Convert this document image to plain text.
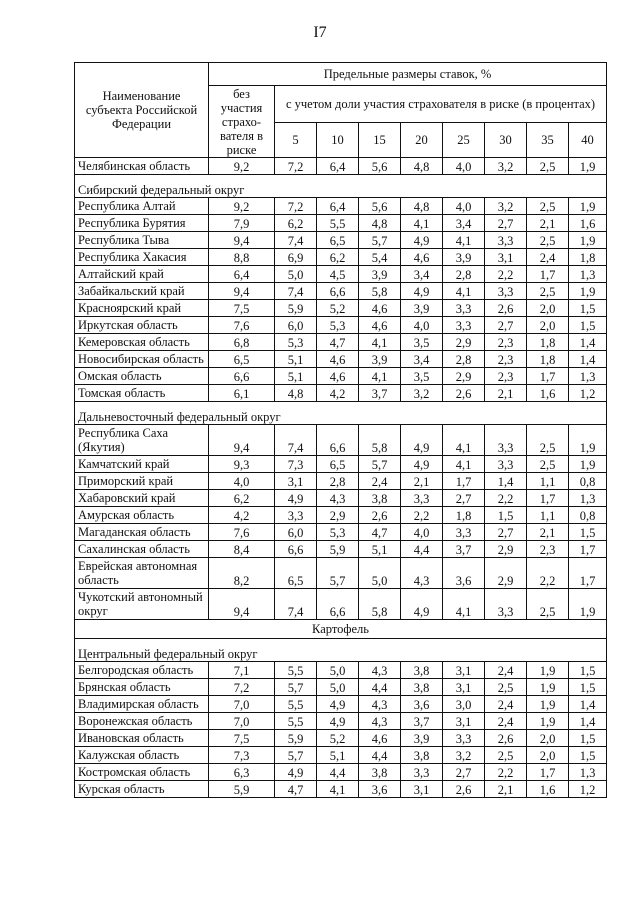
I7
Наименование субъекта Российской Федерации	Предельные размеры ставок, %								
	без участия страхо-вателя в риске	с учетом доли участия страхователя в риске (в процентах)							
		5	10	15	20	25	30	35	40
Челябинская область	9,2	7,2	6,4	5,6	4,8	4,0	3,2	2,5	1,9
Сибирский федеральный округ									
Республика Алтай	9,2	7,2	6,4	5,6	4,8	4,0	3,2	2,5	1,9
Республика Бурятия	7,9	6,2	5,5	4,8	4,1	3,4	2,7	2,1	1,6
Республика Тыва	9,4	7,4	6,5	5,7	4,9	4,1	3,3	2,5	1,9
Республика Хакасия	8,8	6,9	6,2	5,4	4,6	3,9	3,1	2,4	1,8
Алтайский край	6,4	5,0	4,5	3,9	3,4	2,8	2,2	1,7	1,3
Забайкальский край	9,4	7,4	6,6	5,8	4,9	4,1	3,3	2,5	1,9
Красноярский край	7,5	5,9	5,2	4,6	3,9	3,3	2,6	2,0	1,5
Иркутская область	7,6	6,0	5,3	4,6	4,0	3,3	2,7	2,0	1,5
Кемеровская область	6,8	5,3	4,7	4,1	3,5	2,9	2,3	1,8	1,4
Новосибирская область	6,5	5,1	4,6	3,9	3,4	2,8	2,3	1,8	1,4
Омская область	6,6	5,1	4,6	4,1	3,5	2,9	2,3	1,7	1,3
Томская область	6,1	4,8	4,2	3,7	3,2	2,6	2,1	1,6	1,2
Дальневосточный федеральный округ									
Республика Саха (Якутия)	9,4	7,4	6,6	5,8	4,9	4,1	3,3	2,5	1,9
Камчатский край	9,3	7,3	6,5	5,7	4,9	4,1	3,3	2,5	1,9
Приморский край	4,0	3,1	2,8	2,4	2,1	1,7	1,4	1,1	0,8
Хабаровский край	6,2	4,9	4,3	3,8	3,3	2,7	2,2	1,7	1,3
Амурская область	4,2	3,3	2,9	2,6	2,2	1,8	1,5	1,1	0,8
Магаданская область	7,6	6,0	5,3	4,7	4,0	3,3	2,7	2,1	1,5
Сахалинская область	8,4	6,6	5,9	5,1	4,4	3,7	2,9	2,3	1,7
Еврейская автономная область	8,2	6,5	5,7	5,0	4,3	3,6	2,9	2,2	1,7
Чукотский автономный округ	9,4	7,4	6,6	5,8	4,9	4,1	3,3	2,5	1,9
Картофель									
Центральный федеральный округ									
Белгородская область	7,1	5,5	5,0	4,3	3,8	3,1	2,4	1,9	1,5
Брянская область	7,2	5,7	5,0	4,4	3,8	3,1	2,5	1,9	1,5
Владимирская область	7,0	5,5	4,9	4,3	3,6	3,0	2,4	1,9	1,4
Воронежская область	7,0	5,5	4,9	4,3	3,7	3,1	2,4	1,9	1,4
Ивановская область	7,5	5,9	5,2	4,6	3,9	3,3	2,6	2,0	1,5
Калужская область	7,3	5,7	5,1	4,4	3,8	3,2	2,5	2,0	1,5
Костромская область	6,3	4,9	4,4	3,8	3,3	2,7	2,2	1,7	1,3
Курская область	5,9	4,7	4,1	3,6	3,1	2,6	2,1	1,6	1,2
